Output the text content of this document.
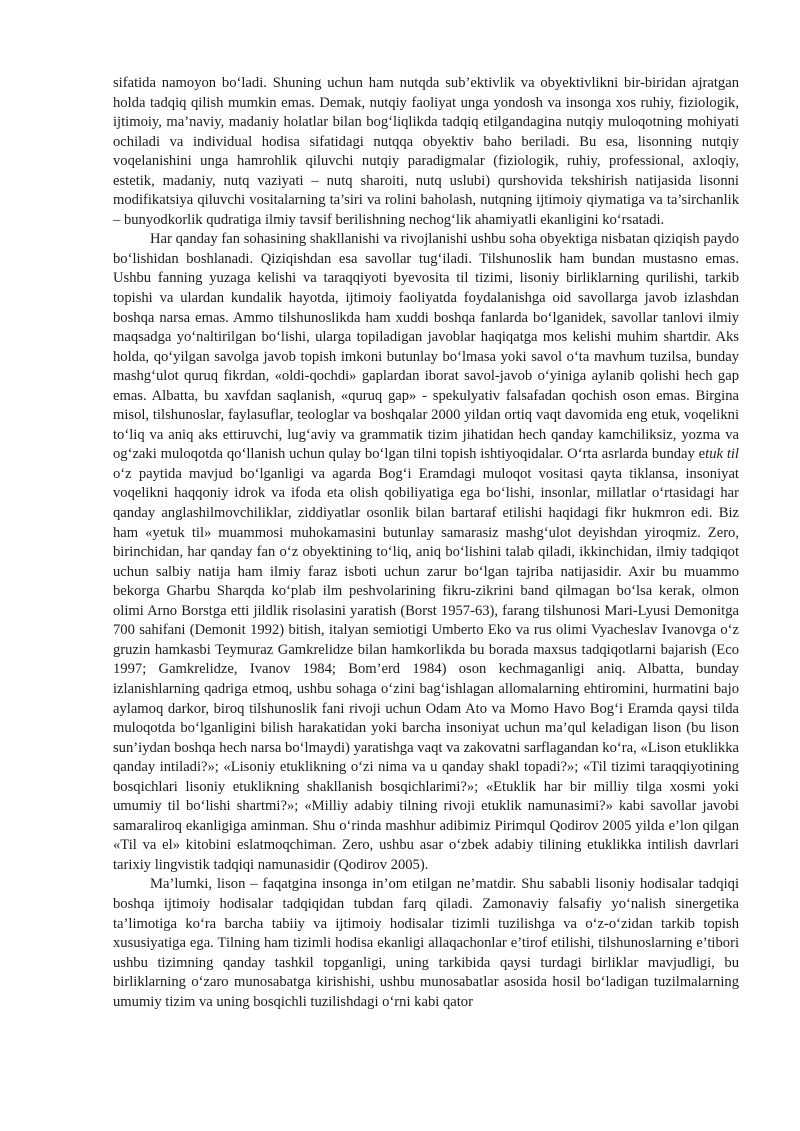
sifatida namoyon bo‘ladi. Shuning uchun ham nutqda sub’ektivlik va obyektivlikni bir-biridan ajratgan holda tadqiq qilish mumkin emas. Demak, nutqiy faoliyat unga yondosh va insonga xos ruhiy, fiziologik, ijtimoiy, ma’naviy, madaniy holatlar bilan bog‘liqlikda tadqiq etilgandagina nutqiy muloqotning mohiyati ochiladi va individual hodisa sifatidagi nutqqa obyektiv baho beriladi. Bu esa, lisonning nutqiy voqelanishini unga hamrohlik qiluvchi nutqiy paradigmalar (fiziologik, ruhiy, professional, axloqiy, estetik, madaniy, nutq vaziyati – nutq sharoiti, nutq uslubi) qurshovida tekshirish natijasida lisonni modifikatsiya qiluvchi vositalarning ta’siri va rolini baholash, nutqning ijtimoiy qiymatiga va ta’sirchanlik – bunyodkorlik qudratiga ilmiy tavsif berilishning nechog‘lik ahamiyatli ekanligini ko‘rsatadi.

Har qanday fan sohasining shakllanishi va rivojlanishi ushbu soha obyektiga nisbatan qiziqish paydo bo‘lishidan boshlanadi. Qiziqishdan esa savollar tug‘iladi. Tilshunoslik ham bundan mustasno emas. Ushbu fanning yuzaga kelishi va taraqqiyoti byevosita til tizimi, lisoniy birliklarning qurilishi, tarkib topishi va ulardan kundalik hayotda, ijtimoiy faoliyatda foydalanishga oid savollarga javob izlashdan boshqa narsa emas. Ammo tilshunoslikda ham xuddi boshqa fanlarda bo‘lganidek, savollar tanlovi ilmiy maqsadga yo‘naltirilgan bo‘lishi, ularga topiladigan javoblar haqiqatga mos kelishi muhim shartdir. Aks holda, qo‘yilgan savolga javob topish imkoni butunlay bo‘lmasa yoki savol o‘ta mavhum tuzilsa, bunday mashg‘ulot quruq fikrdan, «oldi-qochdi» gaplardan iborat savol-javob o‘yiniga aylanib qolishi hech gap emas. Albatta, bu xavfdan saqlanish, «quruq gap» - spekulyativ falsafadan qochish oson emas. Birgina misol, tilshunoslar, faylasuflar, teologlar va boshqalar 2000 yildan ortiq vaqt davomida eng etuk, voqelikni to‘liq va aniq aks ettiruvchi, lug‘aviy va grammatik tizim jihatidan hech qanday kamchiliksiz, yozma va og‘zaki muloqotda qo‘llanish uchun qulay bo‘lgan tilni topish ishtiyoqidalar. O‘rta asrlarda bunday etuk til o‘z paytida mavjud bo‘lganligi va agarda Bog‘i Eramdagi muloqot vositasi qayta tiklansa, insoniyat voqelikni haqqoniy idrok va ifoda eta olish qobiliyatiga ega bo‘lishi, insonlar, millatlar o‘rtasidagi har qanday anglashilmovchiliklar, ziddiyatlar osonlik bilan bartaraf etilishi haqidagi fikr hukmron edi. Biz ham «yetuk til» muammosi muhokamasini butunlay samarasiz mashg‘ulot deyishdan yiroqmiz. Zero, birinchidan, har qanday fan o‘z obyektining to‘liq, aniq bo‘lishini talab qiladi, ikkinchidan, ilmiy tadqiqot uchun salbiy natija ham ilmiy faraz isboti uchun zarur bo‘lgan tajriba natijasidir. Axir bu muammo bekorga Gharbu Sharqda ko‘plab ilm peshvolarining fikru-zikrini band qilmagan bo‘lsa kerak, olmon olimi Arno Borstga etti jildlik risolasini yaratish (Borst 1957-63), farang tilshunosi Mari-Lyusi Demonitga 700 sahifani (Demonit 1992) bitish, italyan semiotigi Umberto Eko va rus olimi Vyacheslav Ivanovga o‘z gruzin hamkasbi Teymuraz Gamkrelidze bilan hamkorlikda bu borada maxsus tadqiqotlarni bajarish (Eco 1997; Gamkrelidze, Ivanov 1984; Bom’erd 1984) oson kechmaganligi aniq. Albatta, bunday izlanishlarning qadriga etmoq, ushbu sohaga o‘zini bag‘ishlagan allomalarning ehtiromini, hurmatini bajo aylamoq darkor, biroq tilshunoslik fani rivoji uchun Odam Ato va Momo Havo Bog‘i Eramda qaysi tilda muloqotda bo‘lganligini bilish harakatidan yoki barcha insoniyat uchun ma’qul keladigan lison (bu lison sun’iydan boshqa hech narsa bo‘lmaydi) yaratishga vaqt va zakovatni sarflagandan ko‘ra, «Lison etuklikka qanday intiladi?»; «Lisoniy etuklikning o‘zi nima va u qanday shakl topadi?»; «Til tizimi taraqqiyotining bosqichlari lisoniy etuklikning shakllanish bosqichlarimi?»; «Etuklik har bir milliy tilga xosmi yoki umumiy til bo‘lishi shartmi?»; «Milliy adabiy tilning rivoji etuklik namunasimi?» kabi savollar javobi samaraliroq ekanligiga aminman. Shu o‘rinda mashhur adibimiz Pirimqul Qodirov 2005 yilda e’lon qilgan «Til va el» kitobini eslatmoqchiman. Zero, ushbu asar o‘zbek adabiy tilining etuklikka intilish davrlari tarixiy lingvistik tadqiqi namunasidir (Qodirov 2005).

Ma’lumki, lison – faqatgina insonga in’om etilgan ne’matdir. Shu sababli lisoniy hodisalar tadqiqi boshqa ijtimoiy hodisalar tadqiqidan tubdan farq qiladi. Zamonaviy falsafiy yo‘nalish sinergetika ta’limotiga ko‘ra barcha tabiiy va ijtimoiy hodisalar tizimli tuzilishga va o‘z-o‘zidan tarkib topish xususiyatiga ega. Tilning ham tizimli hodisa ekanligi allaqachonlar e’tirof etilishi, tilshunoslarning e’tibori ushbu tizimning qanday tashkil topganligi, uning tarkibida qaysi turdagi birliklar mavjudligi, bu birliklarning o‘zaro munosabatga kirishishi, ushbu munosabatlar asosida hosil bo‘ladigan tuzilmalarning umumiy tizim va uning bosqichli tuzilishdagi o‘rni kabi qator
